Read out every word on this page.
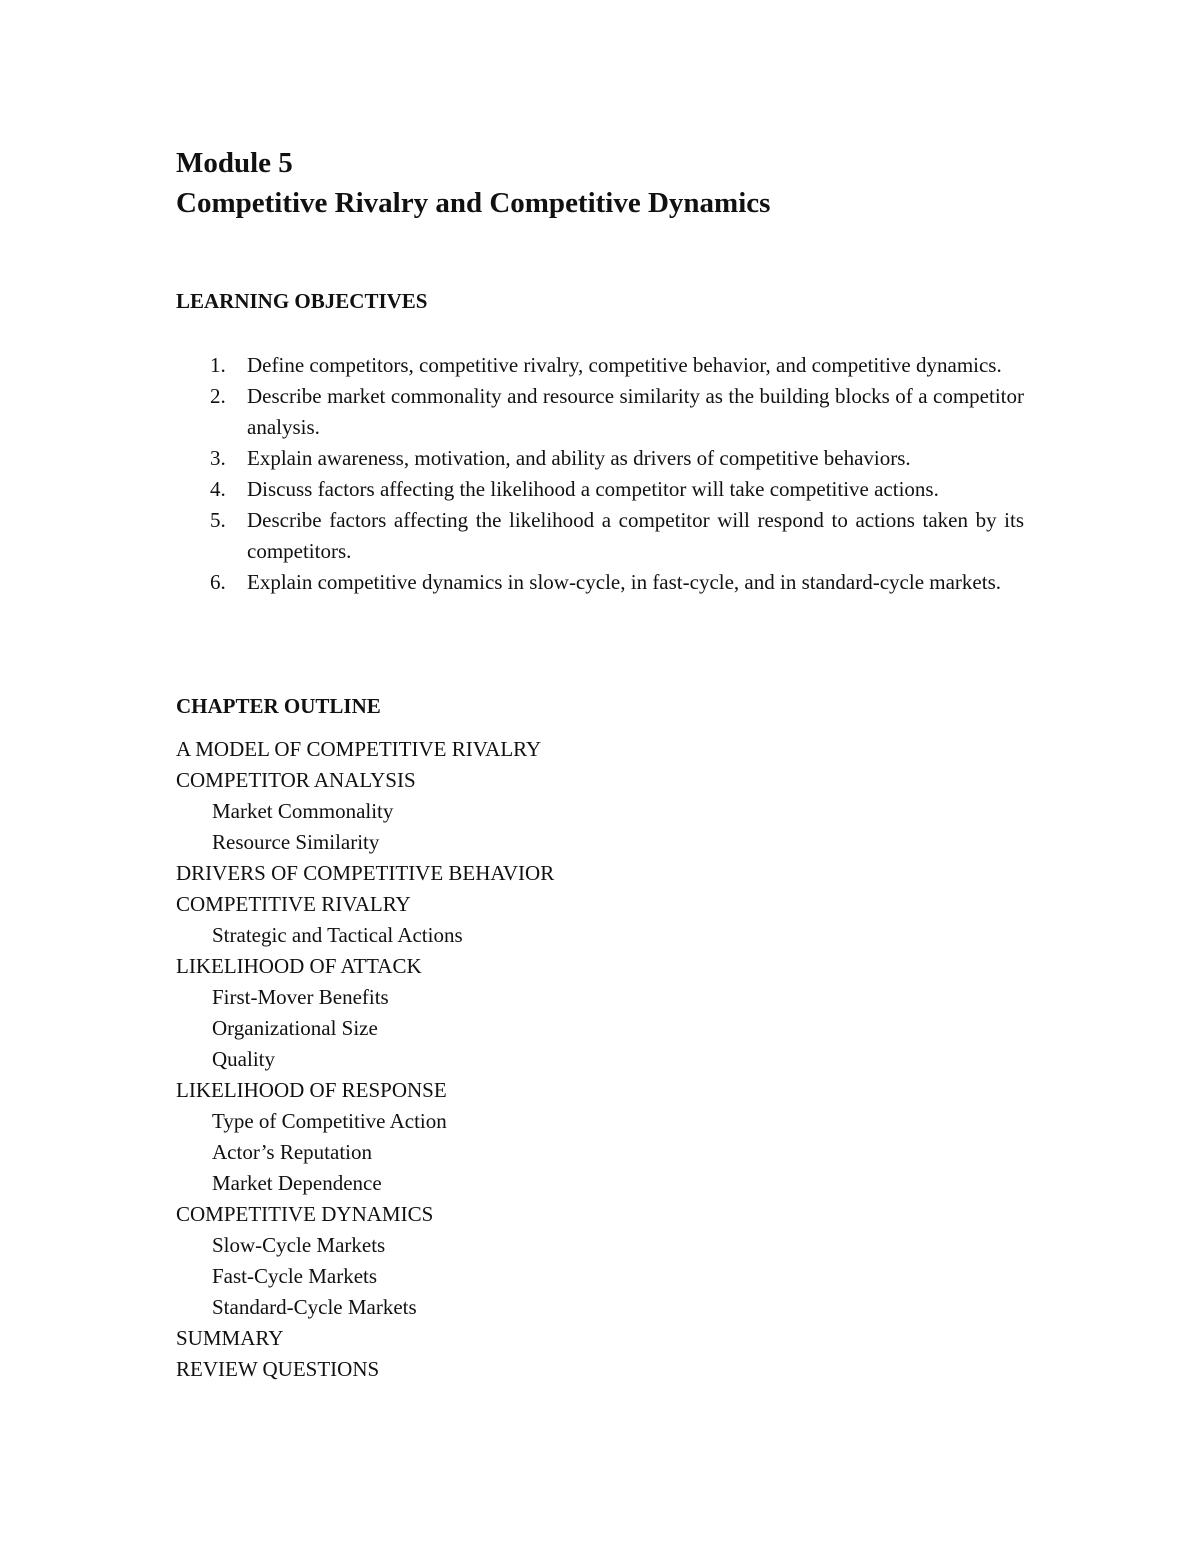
Module 5
Competitive Rivalry and Competitive Dynamics
LEARNING OBJECTIVES
1. Define competitors, competitive rivalry, competitive behavior, and competitive dynamics.
2. Describe market commonality and resource similarity as the building blocks of a competitor analysis.
3. Explain awareness, motivation, and ability as drivers of competitive behaviors.
4. Discuss factors affecting the likelihood a competitor will take competitive actions.
5. Describe factors affecting the likelihood a competitor will respond to actions taken by its competitors.
6. Explain competitive dynamics in slow-cycle, in fast-cycle, and in standard-cycle markets.
CHAPTER OUTLINE
A MODEL OF COMPETITIVE RIVALRY
COMPETITOR ANALYSIS
Market Commonality
Resource Similarity
DRIVERS OF COMPETITIVE BEHAVIOR
COMPETITIVE RIVALRY
Strategic and Tactical Actions
LIKELIHOOD OF ATTACK
First-Mover Benefits
Organizational Size
Quality
LIKELIHOOD OF RESPONSE
Type of Competitive Action
Actor’s Reputation
Market Dependence
COMPETITIVE DYNAMICS
Slow-Cycle Markets
Fast-Cycle Markets
Standard-Cycle Markets
SUMMARY
REVIEW QUESTIONS
